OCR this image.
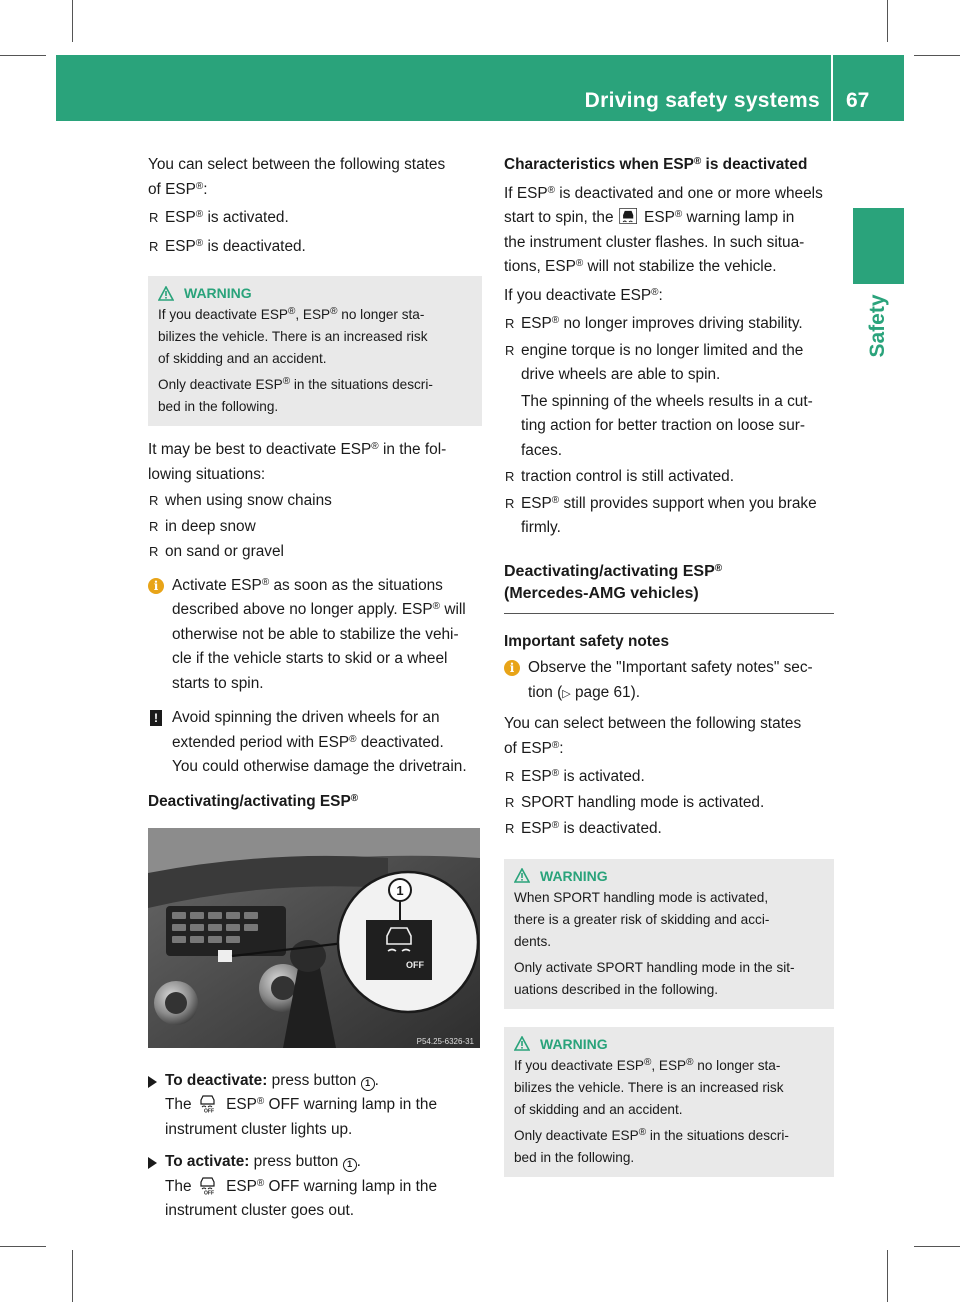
Driving safety systems 67
Safety

You can select between the following states

of ESP®:

R ESP® is activated.

R ESP® is deactivated.

WARNING

If you deactivate ESP®, ESP® no longer sta-
bilizes the vehicle. There is an increased risk
of skidding and an accident.

Only deactivate ESP® in the situations descri-
bed in the following.

It may be best to deactivate ESP® in the fol-
lowing situations:

R when using snow chains

R in deep snow

R on sand or gravel

i Activate ESP® as soon as the situations
described above no longer apply. ESP® will
otherwise not be able to stabilize the vehi-
cle if the vehicle starts to skid or a wheel
starts to spin.

! Avoid spinning the driven wheels for an
extended period with ESP® deactivated.
You could otherwise damage the drivetrain.

Deactivating/activating ESP®

1
OFF
P54.25-6326-31

To deactivate: press button 1 .
The OFF ESP® OFF warning lamp in the
instrument cluster lights up.

To activate: press button 1 .
The OFF ESP® OFF warning lamp in the
instrument cluster goes out.

Characteristics when ESP® is deactivated

If ESP® is deactivated and one or more wheels
start to spin, the  ESP® warning lamp in
the instrument cluster flashes. In such situa-
tions, ESP® will not stabilize the vehicle.

If you deactivate ESP®:

R ESP® no longer improves driving stability.

R engine torque is no longer limited and the
drive wheels are able to spin.

The spinning of the wheels results in a cut-
ting action for better traction on loose sur-
faces.

R traction control is still activated.

R ESP® still provides support when you brake
firmly.

Deactivating/activating ESP®

(Mercedes-AMG vehicles)

Important safety notes

i Observe the "Important safety notes" sec-
tion (▷ page 61).

You can select between the following states
of ESP®:

R ESP® is activated.

R SPORT handling mode is activated.

R ESP® is deactivated.

WARNING

When SPORT handling mode is activated,
there is a greater risk of skidding and acci-
dents.

Only activate SPORT handling mode in the sit-
uations described in the following.

WARNING

If you deactivate ESP®, ESP® no longer sta-
bilizes the vehicle. There is an increased risk
of skidding and an accident.

Only deactivate ESP® in the situations descri-
bed in the following.
